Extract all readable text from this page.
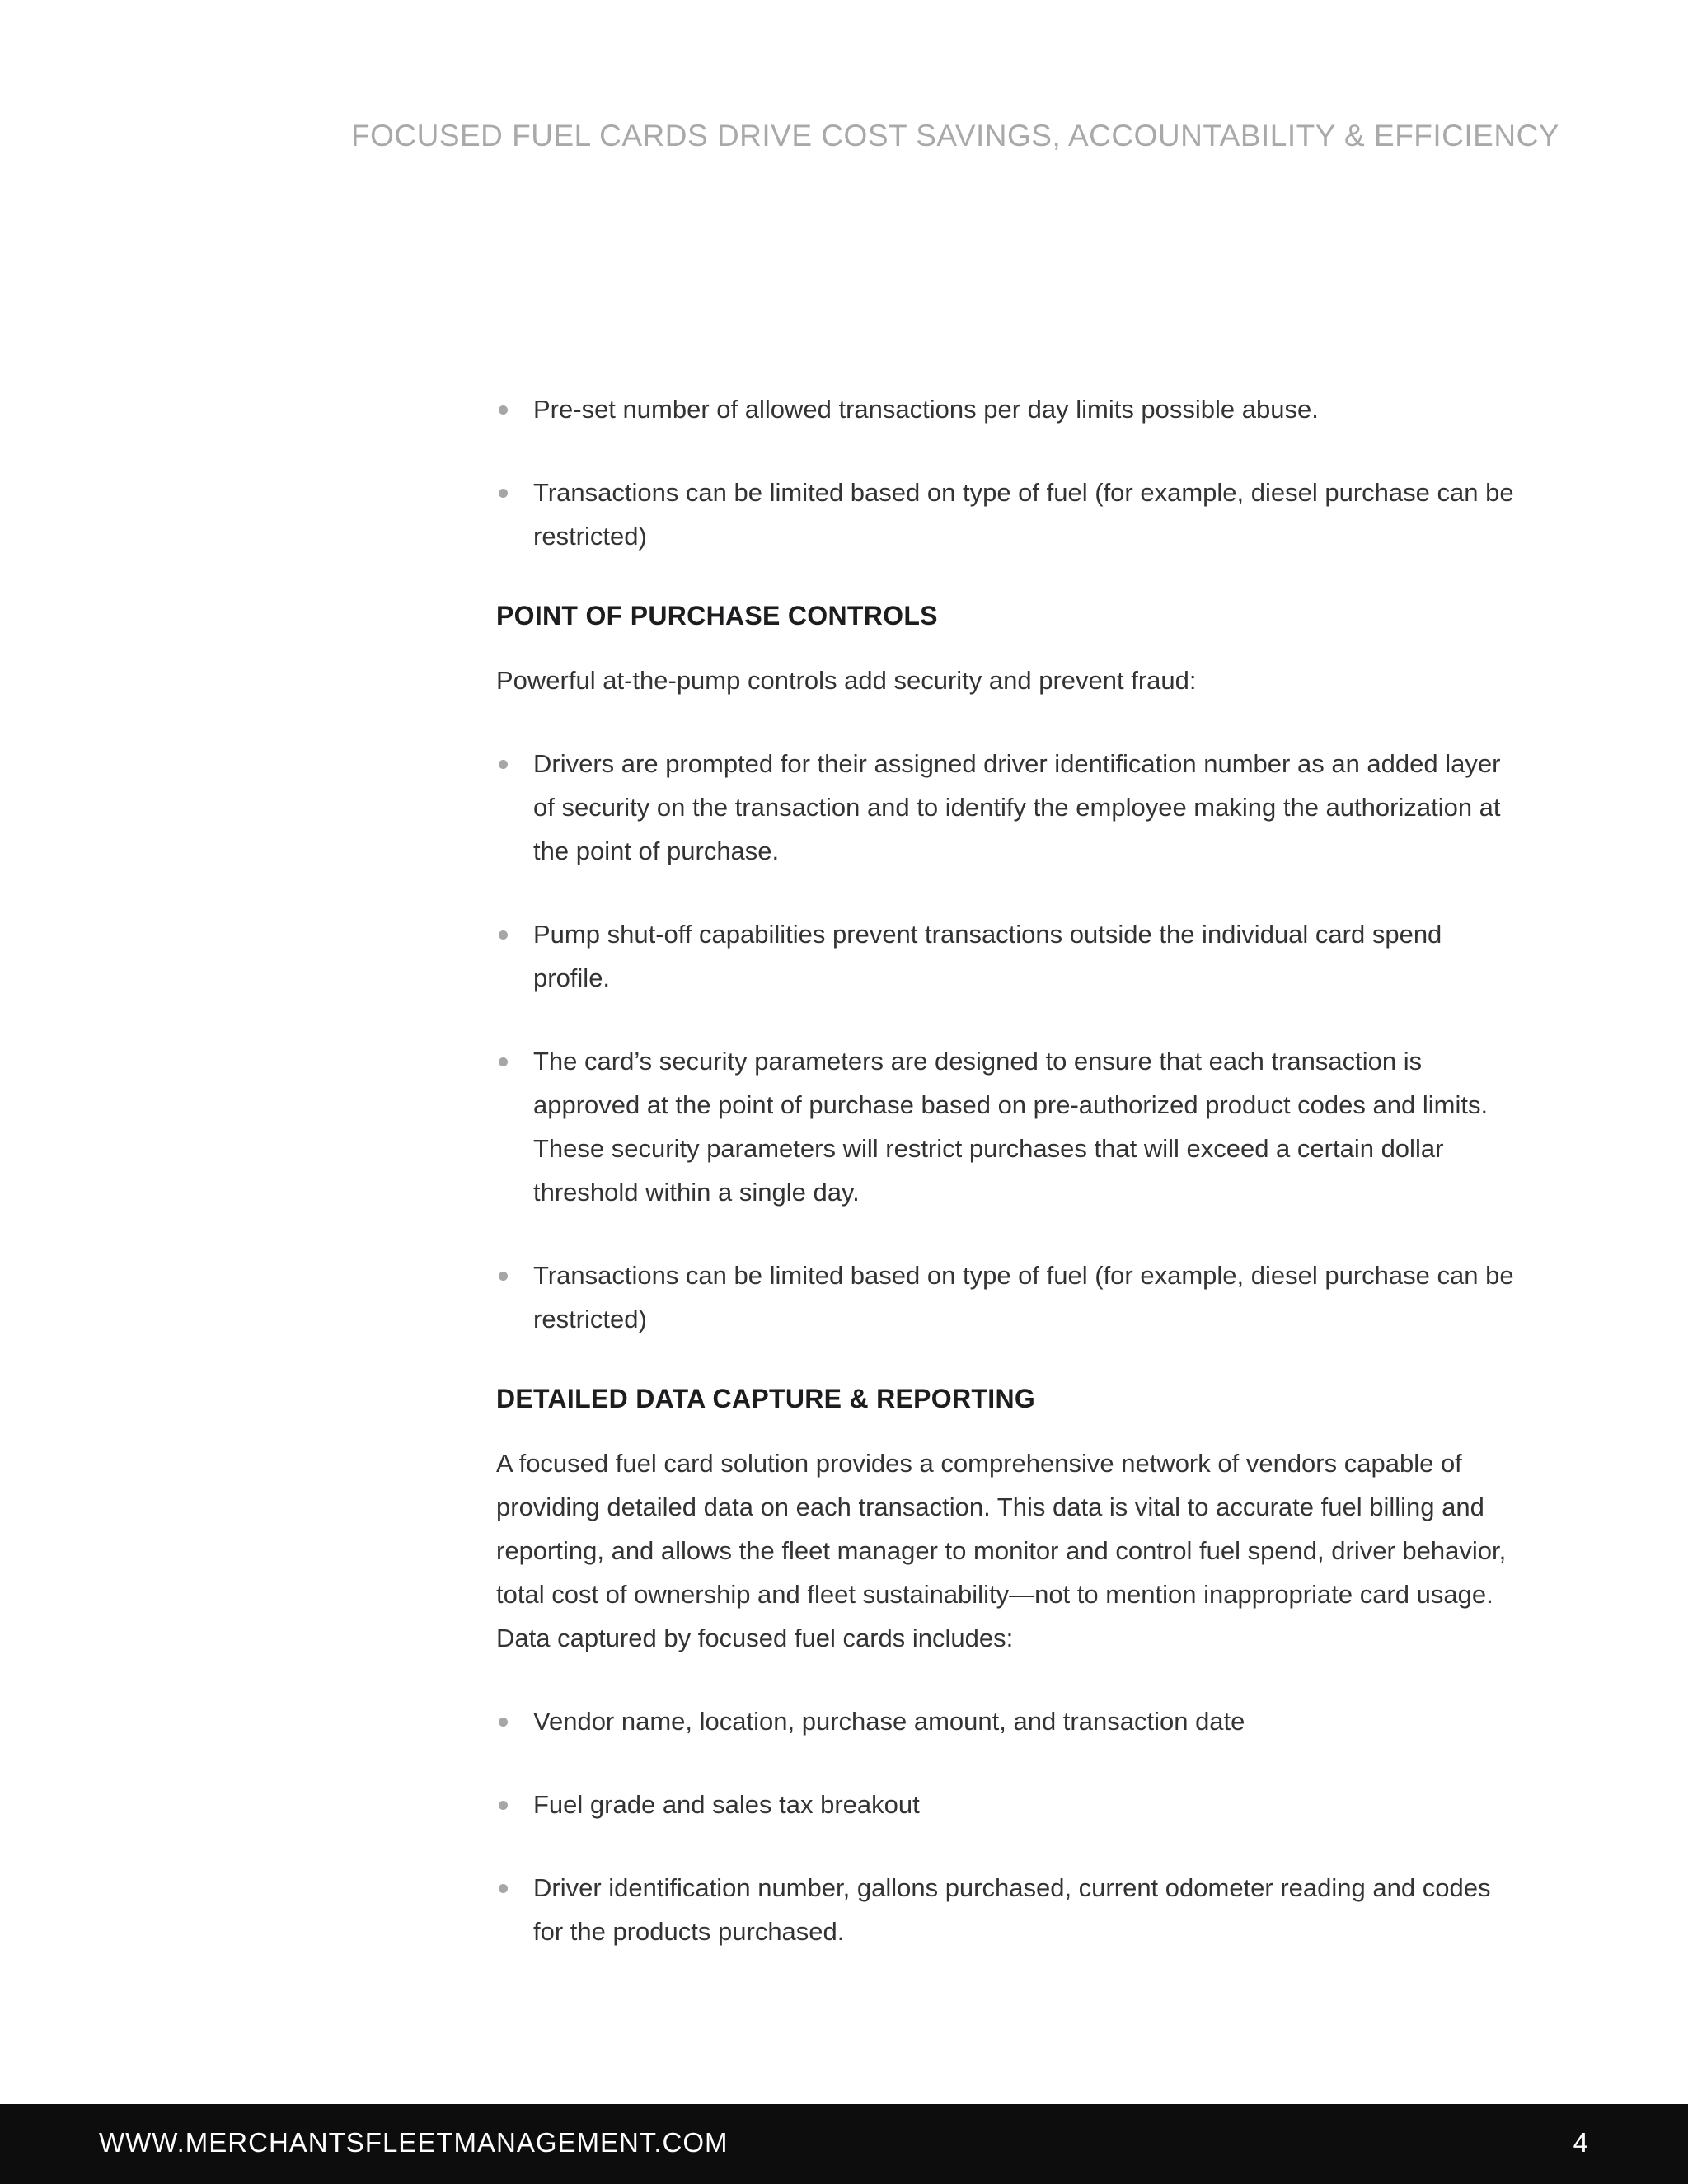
FOCUSED FUEL CARDS DRIVE COST SAVINGS, ACCOUNTABILITY & EFFICIENCY
Pre-set number of allowed transactions per day limits possible abuse.
Transactions can be limited based on type of fuel (for example, diesel purchase can be restricted)
POINT OF PURCHASE CONTROLS

Powerful at-the-pump controls add security and prevent fraud:

Drivers are prompted for their assigned driver identification number as an added layer of security on the transaction and to identify the employee making the authorization at the point of purchase.
Pump shut-off capabilities prevent transactions outside the individual card spend profile.
The card’s security parameters are designed to ensure that each transaction is approved at the point of purchase based on pre-authorized product codes and limits. These security parameters will restrict purchases that will exceed a certain dollar threshold within a single day.
Transactions can be limited based on type of fuel (for example, diesel purchase can be restricted)
DETAILED DATA CAPTURE & REPORTING

A focused fuel card solution provides a comprehensive network of vendors capable of providing detailed data on each transaction. This data is vital to accurate fuel billing and reporting, and allows the fleet manager to monitor and control fuel spend, driver behavior, total cost of ownership and fleet sustainability—not to mention inappropriate card usage. Data captured by focused fuel cards includes:

Vendor name, location, purchase amount, and transaction date
Fuel grade and sales tax breakout
Driver identification number, gallons purchased, current odometer reading and codes for the products purchased.
WWW.MERCHANTSFLEETMANAGEMENT.COM	4
